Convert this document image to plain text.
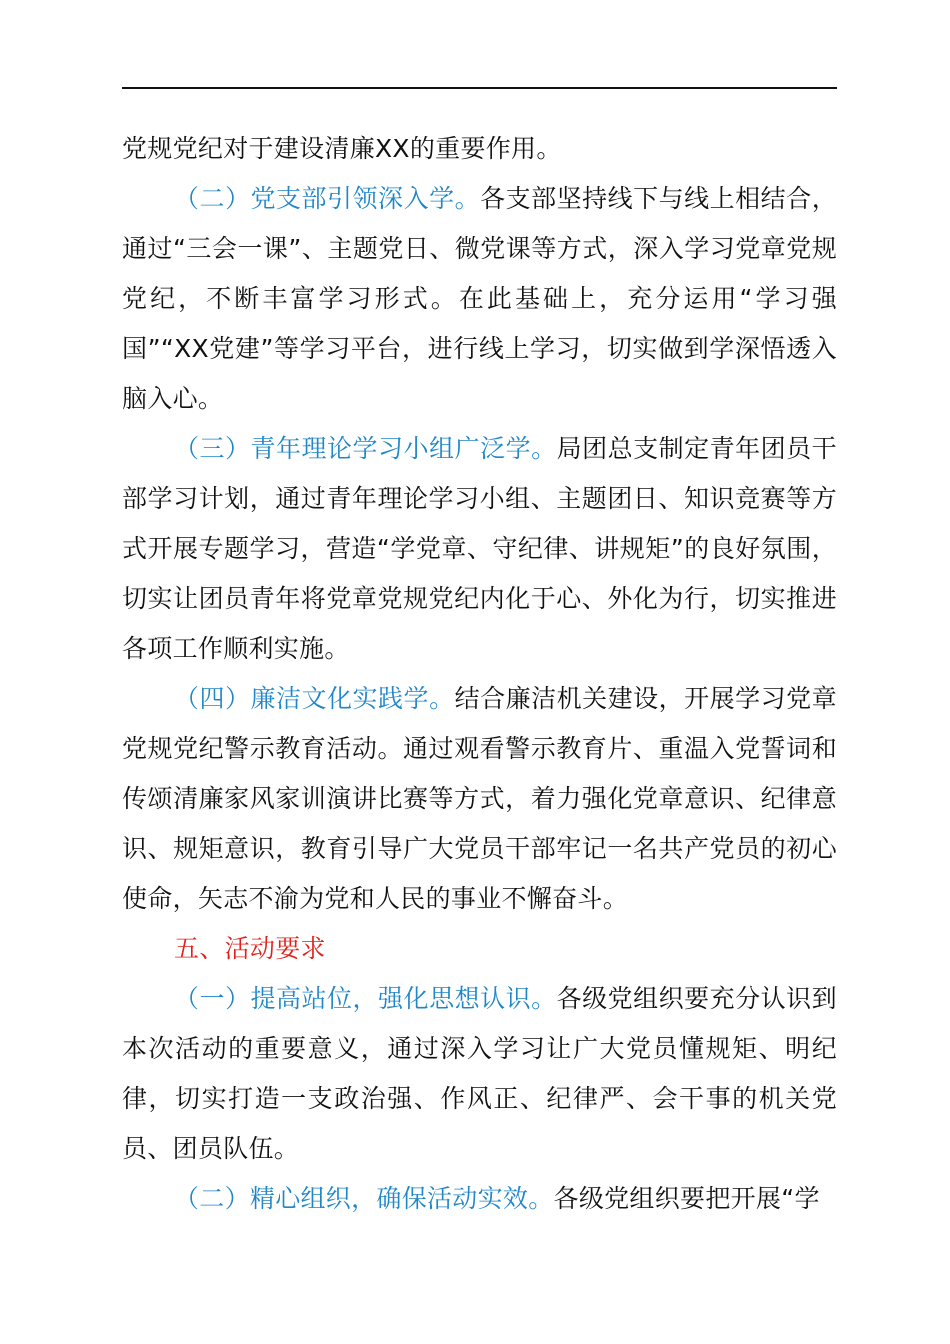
党规党纪对于建设清廉XX的重要作用。

（二）党支部引领深入学。各支部坚持线下与线上相结合，通过“三会一课”、主题党日、微党课等方式，深入学习党章党规党纪，不断丰富学习形式。在此基础上，充分运用“学习强国”“XX党建”等学习平台，进行线上学习，切实做到学深悟透入脑入心。

（三）青年理论学习小组广泛学。局团总支制定青年团员干部学习计划，通过青年理论学习小组、主题团日、知识竞赛等方式开展专题学习，营造“学党章、守纪律、讲规矩”的良好氛围，切实让团员青年将党章党规党纪内化于心、外化为行，切实推进各项工作顺利实施。

（四）廉洁文化实践学。结合廉洁机关建设，开展学习党章党规党纪警示教育活动。通过观看警示教育片、重温入党誓词和传颂清廉家风家训演讲比赛等方式，着力强化党章意识、纪律意识、规矩意识，教育引导广大党员干部牢记一名共产党员的初心使命，矢志不渝为党和人民的事业不懈奋斗。

五、活动要求

（一）提高站位，强化思想认识。各级党组织要充分认识到本次活动的重要意义，通过深入学习让广大党员懂规矩、明纪律，切实打造一支政治强、作风正、纪律严、会干事的机关党员、团员队伍。

（二）精心组织，确保活动实效。各级党组织要把开展“学
